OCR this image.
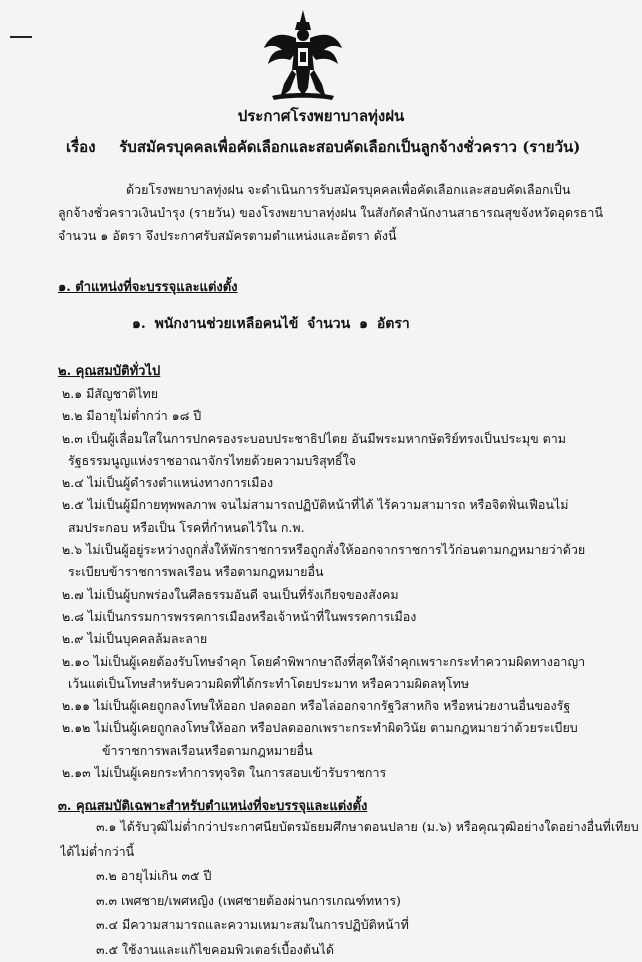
ประกาศโรงพยาบาลทุ่งฝน
เรื่อง รับสมัครบุคคลเพื่อคัดเลือกและสอบคัดเลือกเป็นลูกจ้างชั่วคราว (รายวัน)
ด้วยโรงพยาบาลทุ่งฝน จะดำเนินการรับสมัครบุคคลเพื่อคัดเลือกและสอบคัดเลือกเป็น
ลูกจ้างชั่วคราวเงินบำรุง (รายวัน) ของโรงพยาบาลทุ่งฝน ในสังกัดสำนักงานสาธารณสุขจังหวัดอุดรธานี
จำนวน ๑ อัตรา จึงประกาศรับสมัครตามตำแหน่งและอัตรา ดังนี้
๑. ตำแหน่งที่จะบรรจุและแต่งตั้ง
๑. พนักงานช่วยเหลือคนไข้ จำนวน ๑ อัตรา
๒. คุณสมบัติทั่วไป
๒.๑ มีสัญชาติไทย
๒.๒ มีอายุไม่ต่ำกว่า ๑๘ ปี
๒.๓ เป็นผู้เลื่อมใสในการปกครองระบอบประชาธิปไตย อันมีพระมหากษัตริย์ทรงเป็นประมุข ตาม
รัฐธรรมนูญแห่งราชอาณาจักรไทยด้วยความบริสุทธิ์ใจ
๒.๔ ไม่เป็นผู้ดำรงตำแหน่งทางการเมือง
๒.๕ ไม่เป็นผู้มีกายทุพพลภาพ จนไม่สามารถปฏิบัติหน้าที่ได้ ไร้ความสามารถ หรือจิตฟั่นเฟือนไม่
สมประกอบ หรือเป็น โรคที่กำหนดไว้ใน ก.พ.
๒.๖ ไม่เป็นผู้อยู่ระหว่างถูกสั่งให้พักราชการหรือถูกสั่งให้ออกจากราชการไว้ก่อนตามกฎหมายว่าด้วย
ระเบียบข้าราชการพลเรือน หรือตามกฎหมายอื่น
๒.๗ ไม่เป็นผู้บกพร่องในศีลธรรมอันดี จนเป็นที่รังเกียจของสังคม
๒.๘ ไม่เป็นกรรมการพรรคการเมืองหรือเจ้าหน้าที่ในพรรคการเมือง
๒.๙ ไม่เป็นบุคคลล้มละลาย
๒.๑๐ ไม่เป็นผู้เคยต้องรับโทษจำคุก โดยคำพิพากษาถึงที่สุดให้จำคุกเพราะกระทำความผิดทางอาญา
เว้นแต่เป็นโทษสำหรับความผิดที่ได้กระทำโดยประมาท หรือความผิดลหุโทษ
๒.๑๑ ไม่เป็นผู้เคยถูกลงโทษให้ออก ปลดออก หรือไล่ออกจากรัฐวิสาหกิจ หรือหน่วยงานอื่นของรัฐ
๒.๑๒ ไม่เป็นผู้เคยถูกลงโทษให้ออก หรือปลดออกเพราะกระทำผิดวินัย ตามกฎหมายว่าด้วยระเบียบ
ข้าราชการพลเรือนหรือตามกฎหมายอื่น
๒.๑๓ ไม่เป็นผู้เคยกระทำการทุจริต ในการสอบเข้ารับราชการ
๓. คุณสมบัติเฉพาะสำหรับตำแหน่งที่จะบรรจุและแต่งตั้ง
๓.๑ ได้รับวุฒิไม่ต่ำกว่าประกาศนียบัตรมัธยมศึกษาตอนปลาย (ม.๖) หรือคุณวุฒิอย่างใดอย่างอื่นที่เทียบ
ได้ไม่ต่ำกว่านี้
๓.๒ อายุไม่เกิน ๓๕ ปี
๓.๓ เพศชาย/เพศหญิง (เพศชายต้องผ่านการเกณฑ์ทหาร)
๓.๔ มีความสามารถและความเหมาะสมในการปฏิบัติหน้าที่
๓.๕ ใช้งานและแก้ไขคอมพิวเตอร์เบื้องต้นได้
